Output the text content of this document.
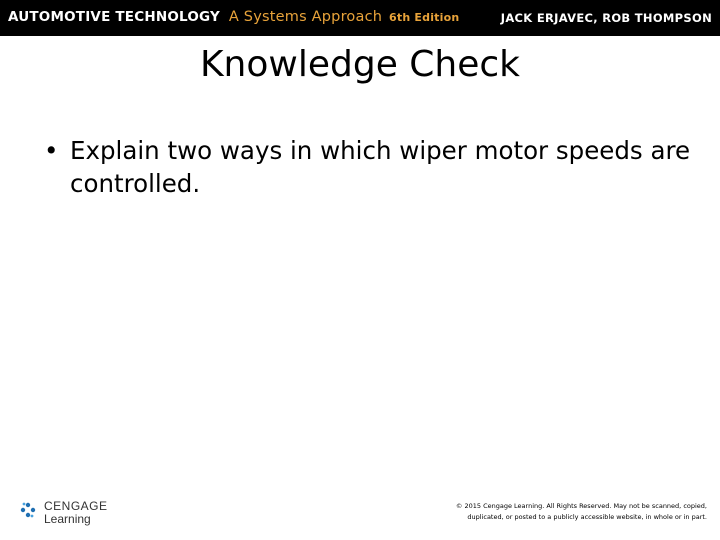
AUTOMOTIVE TECHNOLOGY A Systems Approach 6th Edition	JACK ERJAVEC, ROB THOMPSON
Knowledge Check
• Explain two ways in which wiper motor speeds are controlled.
CENGAGE
Learning
© 2015 Cengage Learning. All Rights Reserved. May not be scanned, copied,
duplicated, or posted to a publicly accessible website, in whole or in part.
